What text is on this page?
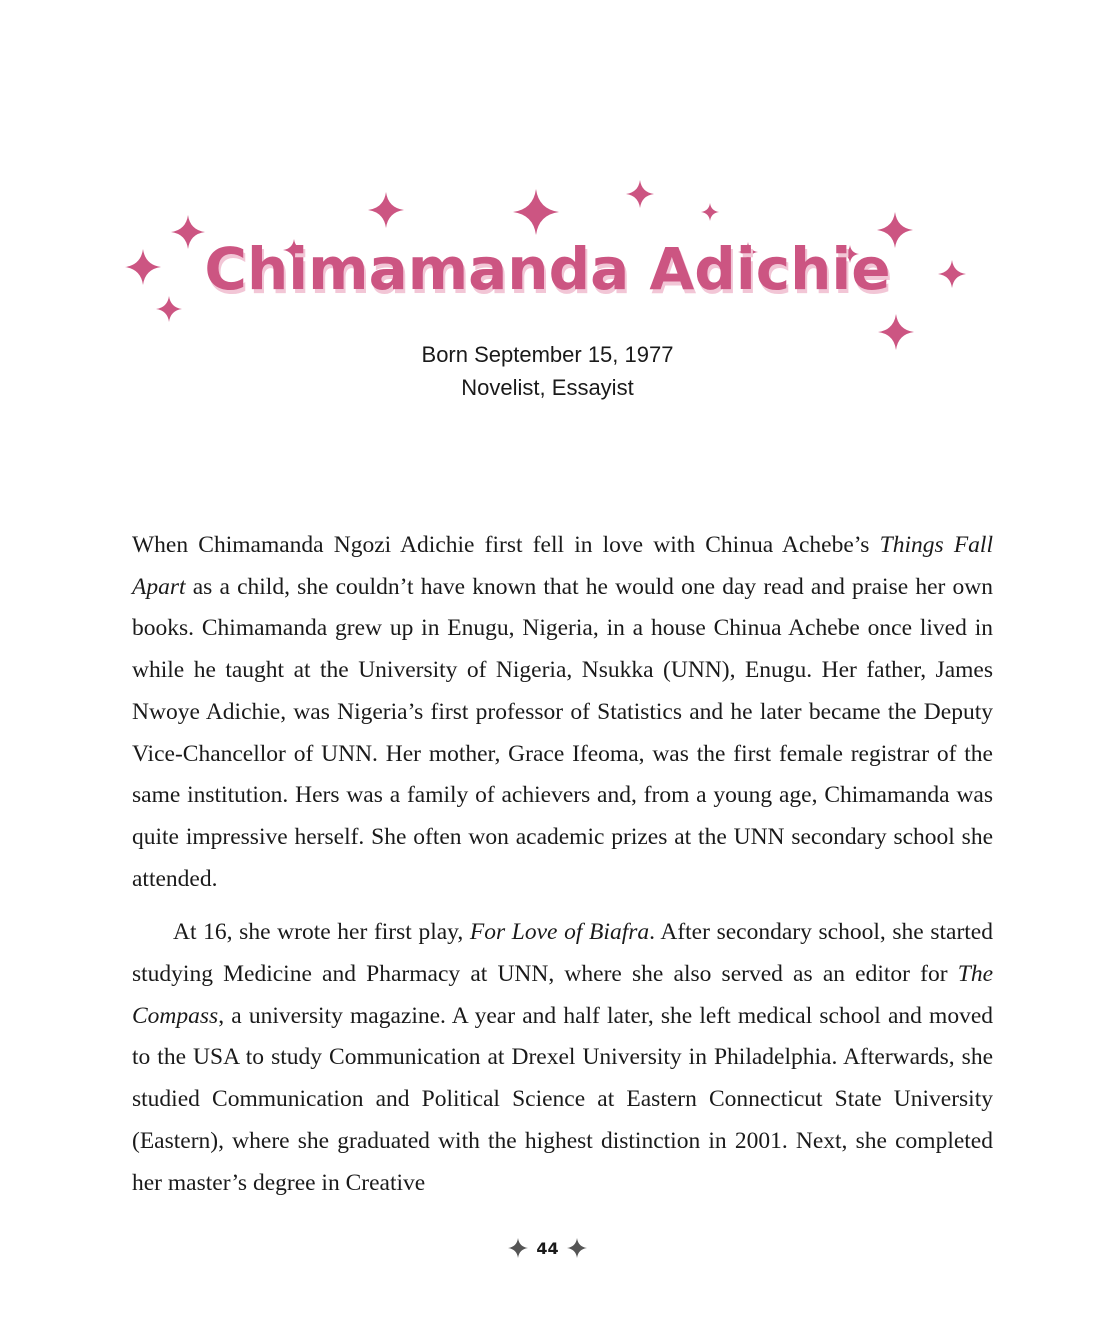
Chimamanda Adichie
Born September 15, 1977
Novelist, Essayist

When Chimamanda Ngozi Adichie first fell in love with Chinua Achebe’s Things Fall Apart as a child, she couldn’t have known that he would one day read and praise her own books. Chimamanda grew up in Enugu, Nigeria, in a house Chinua Achebe once lived in while he taught at the University of Nigeria, Nsukka (UNN), Enugu. Her father, James Nwoye Adichie, was Nigeria’s first professor of Statistics and he later became the Deputy Vice-Chancellor of UNN. Her mother, Grace Ifeoma, was the first female registrar of the same institution. Hers was a family of achievers and, from a young age, Chimamanda was quite impressive herself. She often won academic prizes at the UNN secondary school she attended.

At 16, she wrote her first play, For Love of Biafra. After secondary school, she started studying Medicine and Pharmacy at UNN, where she also served as an editor for The Compass, a university magazine. A year and half later, she left medical school and moved to the USA to study Communication at Drexel University in Philadelphia. Afterwards, she studied Communication and Political Science at Eastern Connecticut State University (Eastern), where she graduated with the highest distinction in 2001. Next, she completed her master’s degree in Creative

44
